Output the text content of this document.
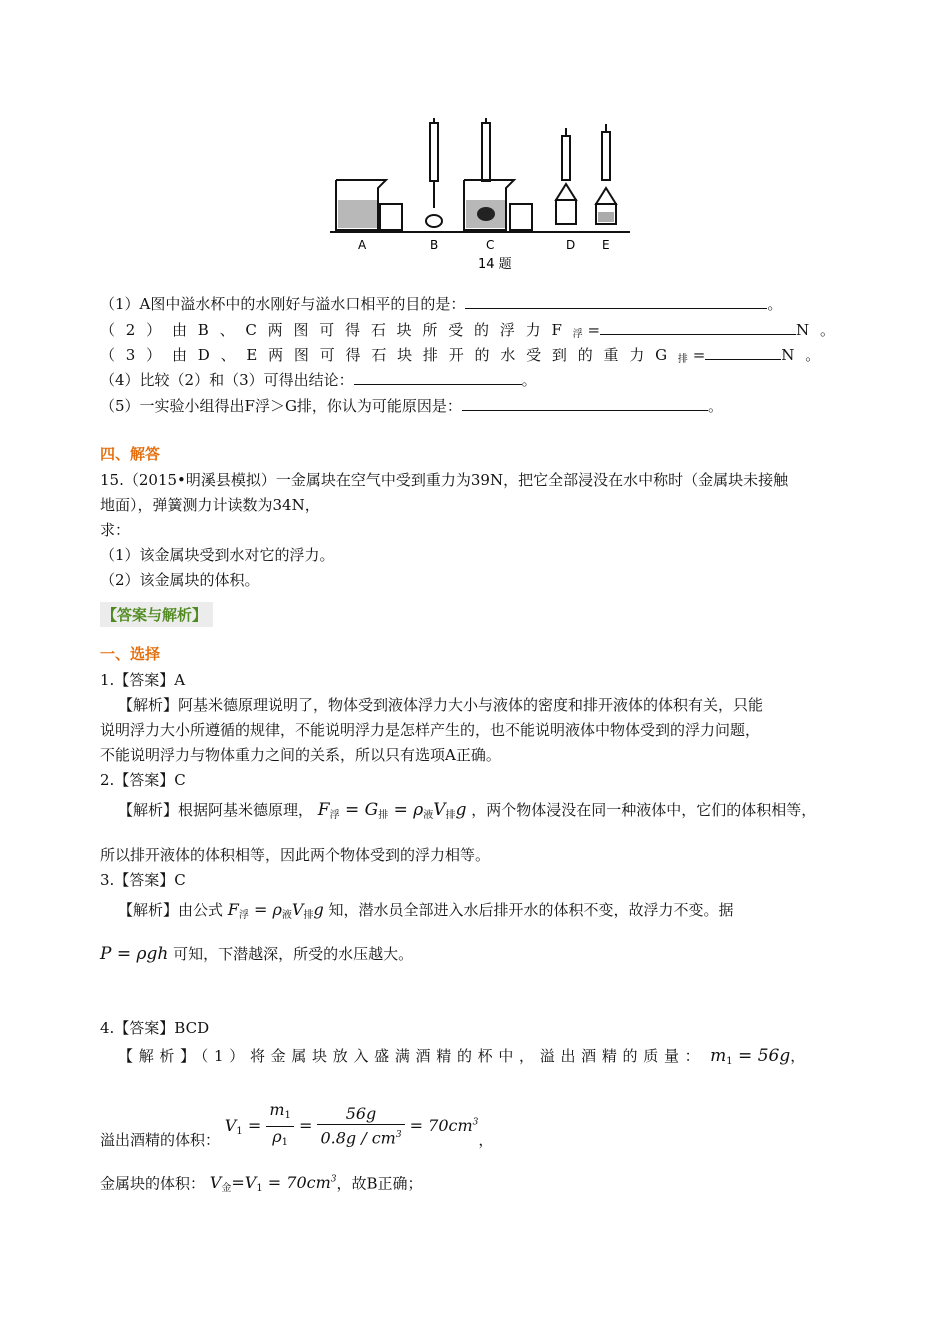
A	B	C	D E
14 题
（1）A图中溢水杯中的水刚好与溢水口相平的目的是：	。
（2）由B、C两图可得石块所受的浮力$F_浮$ =	N。
（3）由D、E两图可得石块排开的水受到的重力$G_排$ =	N。
（4）比较（2）和（3）可得出结论：	。
（5）一实验小组得出F浮＞G排，你认为可能原因是：	。
四、解答
15.（2015•明溪县模拟）一金属块在空气中受到重力为39N，把它全部浸没在水中称时（金属块未接触
地面），弹簧测力计读数为34N，
求：
（1）该金属块受到水对它的浮力。
（2）该金属块的体积。
【答案与解析】
一、选择
1.【答案】A
【解析】阿基米德原理说明了，物体受到液体浮力大小与液体的密度和排开液体的体积有关，只能
说明浮力大小所遵循的规律，不能说明浮力是怎样产生的，也不能说明液体中物体受到的浮力问题，
不能说明浮力与物体重力之间的关系，所以只有选项A正确。
2.【答案】C
【解析】根据阿基米德原理， F浮 = G排 = ρ液V排g ，两个物体浸没在同一种液体中，它们的体积相等，
所以排开液体的体积相等，因此两个物体受到的浮力相等。
3.【答案】C
【解析】由公式 F浮 = ρ液V排g 知，潜水员全部进入水后排开水的体积不变，故浮力不变。据
P = ρgh 可知，下潜越深，所受的水压越大。
4.【答案】BCD
【解析】（1）将金属块放入盛满酒精的杯中，溢出酒精的质量： m1 = 56g，
溢出酒精的体积： $V1 = \frac{m1}{\rho 1} = \frac{56g}{0.8g / cm^3} = 70cm^3$，
金属块的体积： V金$=V1 = 70cm^3$，故B正确；
